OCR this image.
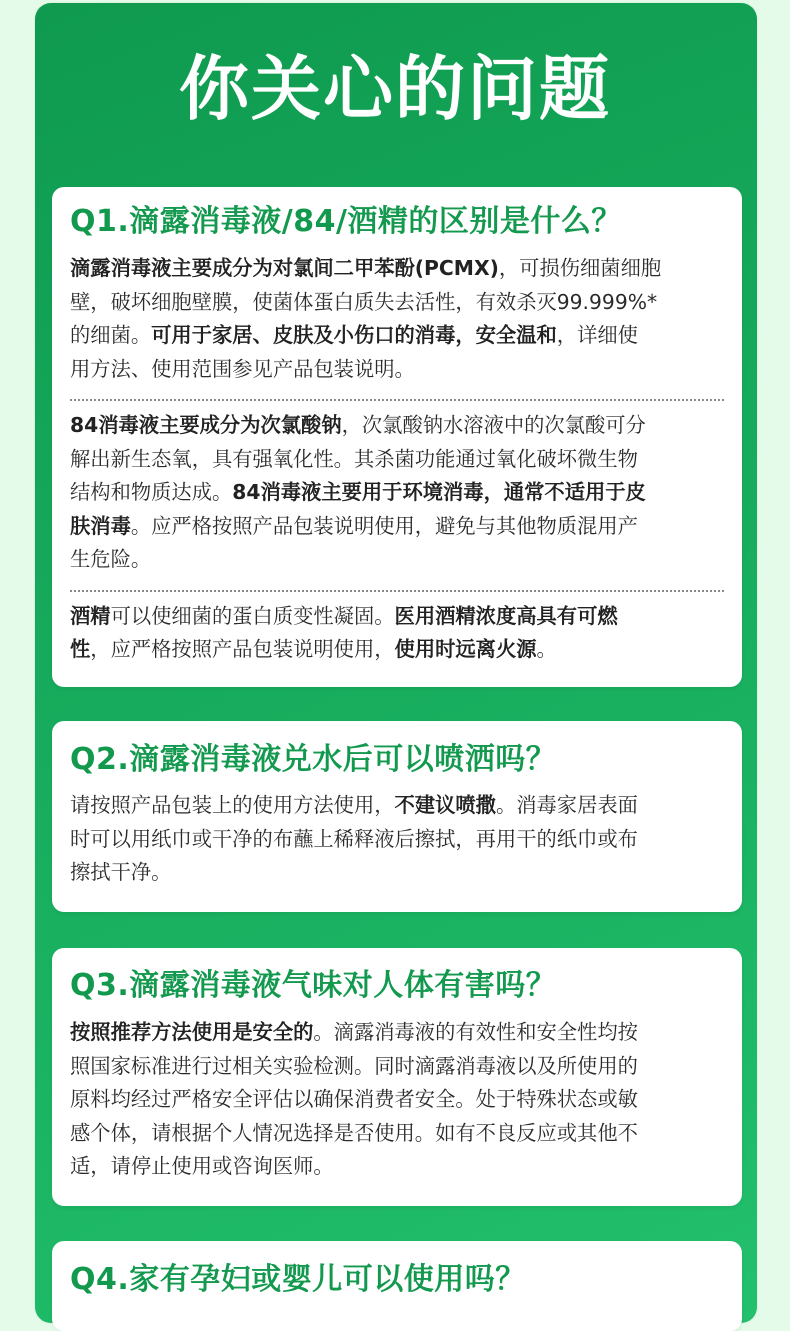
你关心的问题
Q1.滴露消毒液/84/酒精的区别是什么？
滴露消毒液主要成分为对氯间二甲苯酚(PCMX)，可损伤细菌细胞
壁，破坏细胞壁膜，使菌体蛋白质失去活性，有效杀灭99.999%*
的细菌。可用于家居、皮肤及小伤口的消毒，安全温和，详细使
用方法、使用范围参见产品包装说明。
84消毒液主要成分为次氯酸钠，次氯酸钠水溶液中的次氯酸可分
解出新生态氧，具有强氧化性。其杀菌功能通过氧化破坏微生物
结构和物质达成。84消毒液主要用于环境消毒，通常不适用于皮
肤消毒。应严格按照产品包装说明使用，避免与其他物质混用产
生危险。
酒精可以使细菌的蛋白质变性凝固。医用酒精浓度高具有可燃
性，应严格按照产品包装说明使用，使用时远离火源。
Q2.滴露消毒液兑水后可以喷洒吗？
请按照产品包装上的使用方法使用，不建议喷撒。消毒家居表面
时可以用纸巾或干净的布蘸上稀释液后擦拭，再用干的纸巾或布
擦拭干净。
Q3.滴露消毒液气味对人体有害吗？
按照推荐方法使用是安全的。滴露消毒液的有效性和安全性均按
照国家标准进行过相关实验检测。同时滴露消毒液以及所使用的
原料均经过严格安全评估以确保消费者安全。处于特殊状态或敏
感个体，请根据个人情况选择是否使用。如有不良反应或其他不
适，请停止使用或咨询医师。
Q4.家有孕妇或婴儿可以使用吗？
